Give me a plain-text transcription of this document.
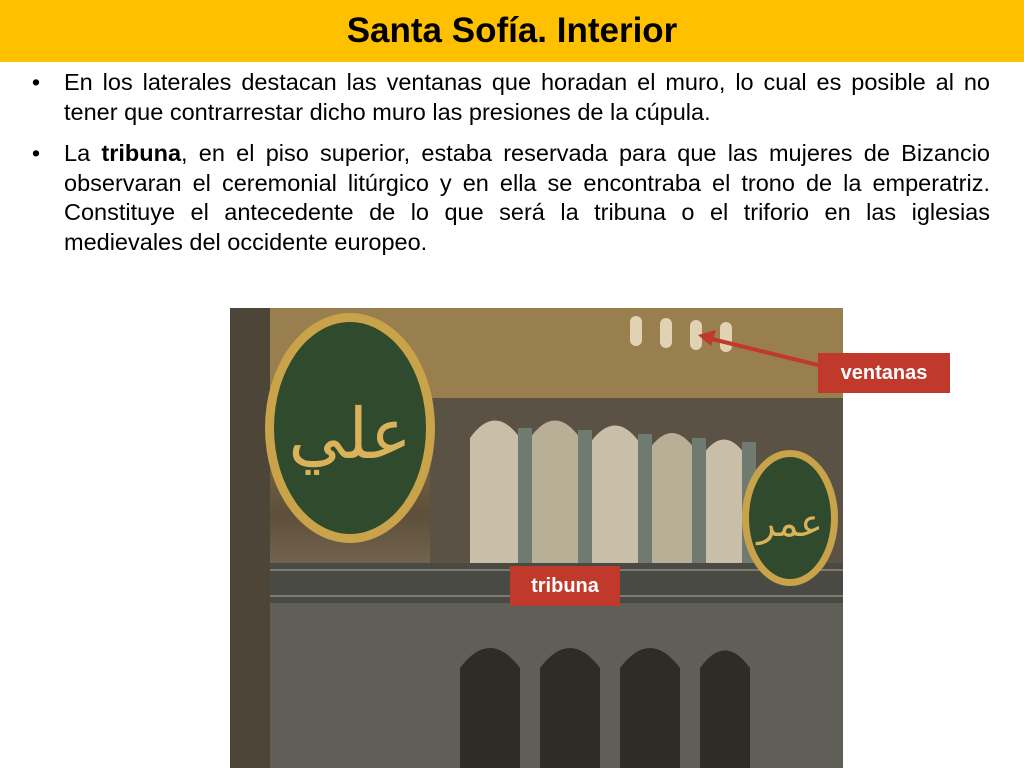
Santa Sofía. Interior
• En los laterales destacan las ventanas que horadan el muro, lo cual es posible al no tener que contrarrestar dicho muro las presiones de la cúpula.
• La tribuna, en el piso superior, estaba reservada para que las mujeres de Bizancio observaran el ceremonial litúrgico y en ella se encontraba el trono de la emperatriz. Constituye el antecedente de lo que será la tribuna o el triforio en las iglesias medievales del occidente europeo.
علي
عمر
ventanas
tribuna
